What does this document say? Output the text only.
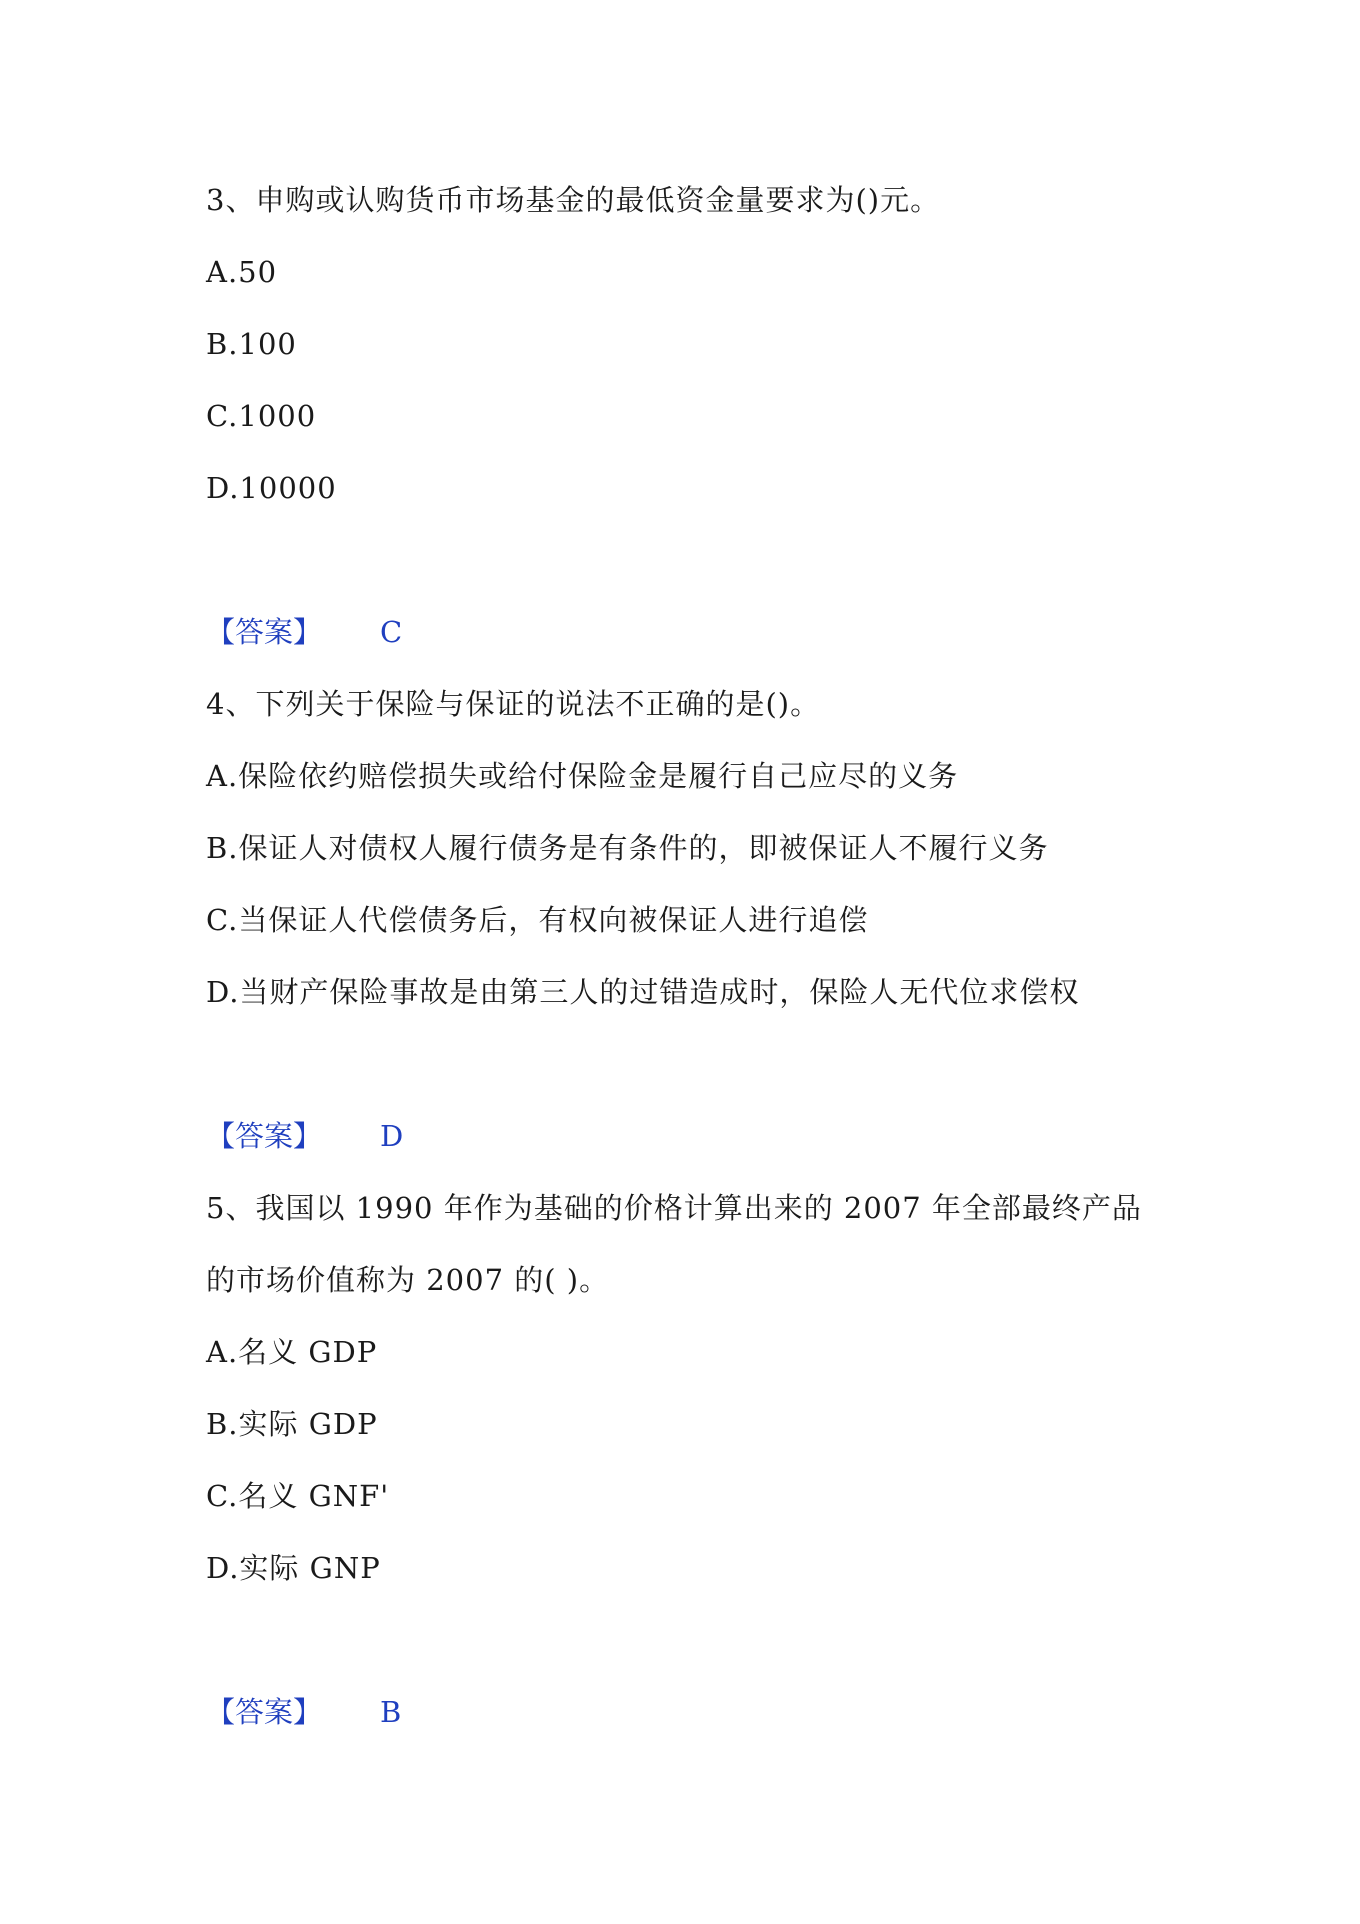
3、申购或认购货币市场基金的最低资金量要求为()元。
A.50
B.100
C.1000
D.10000
【答案】 C
4、下列关于保险与保证的说法不正确的是()。
A.保险依约赔偿损失或给付保险金是履行自己应尽的义务
B.保证人对债权人履行债务是有条件的，即被保证人不履行义务
C.当保证人代偿债务后，有权向被保证人进行追偿
D.当财产保险事故是由第三人的过错造成时，保险人无代位求偿权
【答案】 D
5、我国以 1990 年作为基础的价格计算出来的 2007 年全部最终产品
的市场价值称为 2007 的( )。
A.名义 GDP
B.实际 GDP
C.名义 GNF'
D.实际 GNP
【答案】 B
